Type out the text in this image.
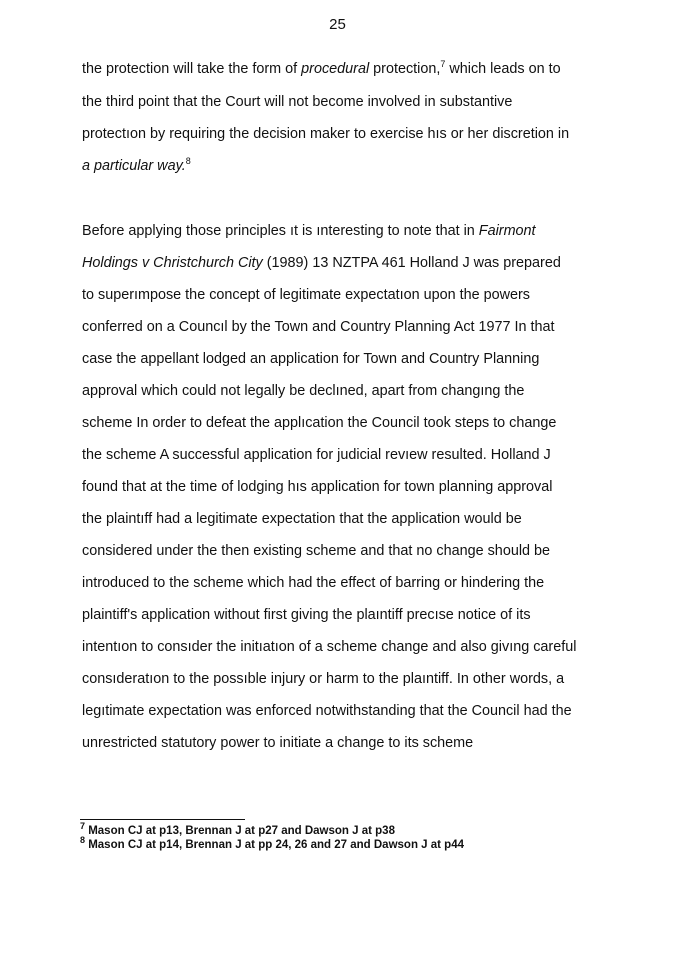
25
the protection will take the form of procedural protection,$^7$ which leads on to
the third point that the Court will not become involved in substantive
protectıon by requiring the decision maker to exercise hıs or her discretion in
a particular way.$^8$
Before applying those principles ıt is ınteresting to note that in Fairmont
Holdings v Christchurch City (1989) 13 NZTPA 461 Holland J was prepared
to superımpose the concept of legitimate expectatıon upon the powers
conferred on a Councıl by the Town and Country Planning Act 1977 In that
case the appellant lodged an application for Town and Country Planning
approval which could not legally be declıned, apart from changıng the
scheme In order to defeat the applıcation the Council took steps to change
the scheme A successful application for judicial revıew resulted. Holland J
found that at the time of lodging hıs application for town planning approval
the plaintıff had a legitimate expectation that the application would be
considered under the then existing scheme and that no change should be
introduced to the scheme which had the effect of barring or hindering the
plaintiff's application without first giving the plaıntiff precıse notice of its
intentıon to consıder the initıatıon of a scheme change and also givıng careful
consıderatıon to the possıble injury or harm to the plaıntiff. In other words, a
legıtimate expectation was enforced notwithstanding that the Council had the
unrestricted statutory power to initiate a change to its scheme
$^7$ Mason CJ at p13, Brennan J at p27 and Dawson J at p38
$^8$ Mason CJ at p14, Brennan J at pp 24, 26 and 27 and Dawson J at p44
